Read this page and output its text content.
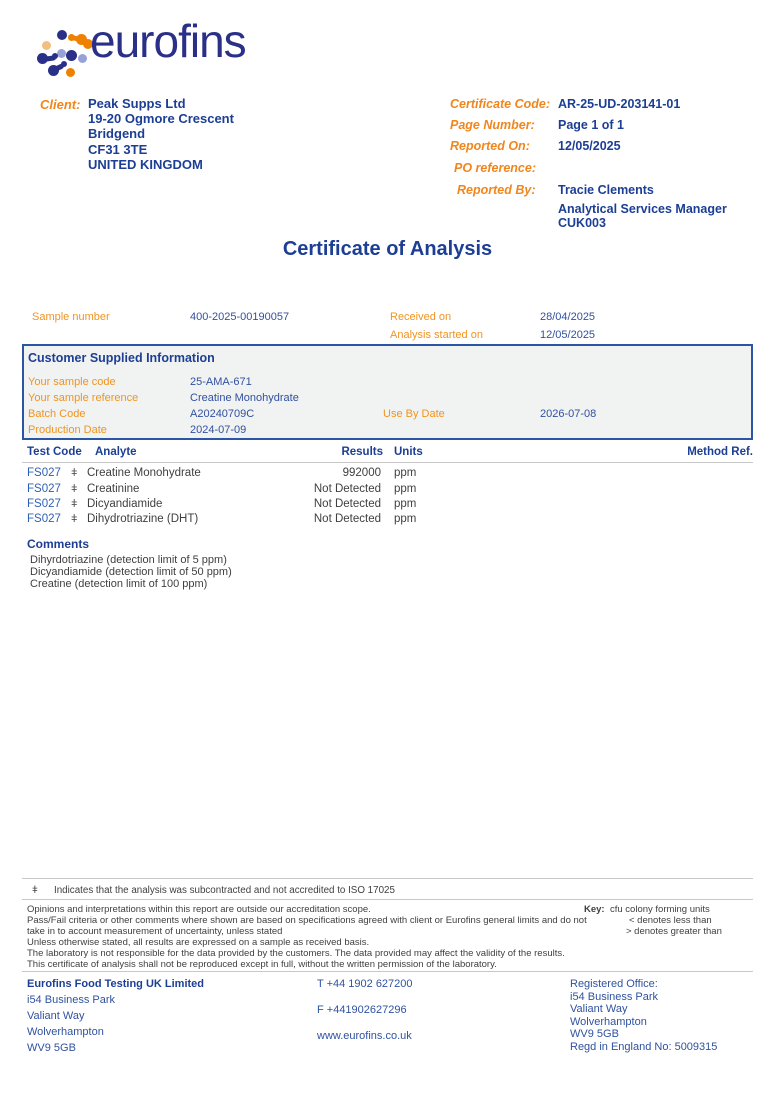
eurofins
Client: Peak Supps Ltd
19-20 Ogmore Crescent
Bridgend
CF31 3TE
UNITED KINGDOM
Certificate Code: AR-25-UD-203141-01
Page Number: Page 1 of 1
Reported On: 12/05/2025
PO reference:
Reported By: Tracie Clements
Analytical Services Manager
CUK003
Certificate of Analysis
Sample number	400-2025-00190057	Received on	28/04/2025
Analysis started on	12/05/2025
Customer Supplied Information
Your sample code	25-AMA-671
Your sample reference	Creatine Monohydrate
Batch Code	A20240709C	Use By Date	2026-07-08
Production Date	2024-07-09
Test Code Analyte	Results Units	Method Ref.
FS027 ǂ Creatine Monohydrate	992000 ppm
FS027 ǂ Creatinine	Not Detected ppm
FS027 ǂ Dicyandiamide	Not Detected ppm
FS027 ǂ Dihydrotriazine (DHT)	Not Detected ppm
Comments
Dihyrdotriazine (detection limit of 5 ppm)
Dicyandiamide (detection limit of 50 ppm)
Creatine (detection limit of 100 ppm)
ǂ Indicates that the analysis was subcontracted and not accredited to ISO 17025
Opinions and interpretations within this report are outside our accreditation scope.
Pass/Fail criteria or other comments where shown are based on specifications agreed with client or Eurofins general limits and do not
take in to account measurement of uncertainty, unless stated
Unless otherwise stated, all results are expressed on a sample as received basis.
The laboratory is not responsible for the data provided by the customers. The data provided may affect the validity of the results.
This certificate of analysis shall not be reproduced except in full, without the written permission of the laboratory.
Key: cfu colony forming units
< denotes less than
> denotes greater than
Eurofins Food Testing UK Limited
i54 Business Park
Valiant Way
Wolverhampton
WV9 5GB
T +44 1902 627200
F +441902627296
www.eurofins.co.uk
Registered Office:
i54 Business Park
Valiant Way
Wolverhampton
WV9 5GB
Regd in England No: 5009315
